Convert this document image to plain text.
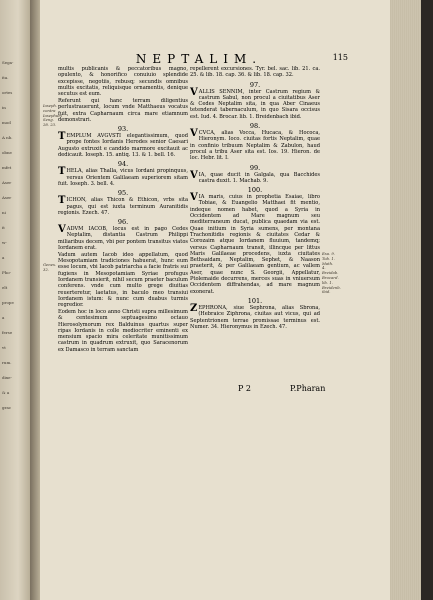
Sega-
ita.
ortes
in
mod
A nb.
obne
mfet
Aser
Aser
ni
it
w-
a
Pho-
elt
prope
a
ferse
vt
rum.
dixe-
& a
grac
NEPTALIM.	115

multis publicanis & peccatoribus magno, opulento, & honorifico conuiuio splendide excepisse, negotiis, rebusq; secundis omnibus multis excitatis, reliquisque ornamentis, denique secutus est eum.

Referunt qui hanc terram diligentius perlustrauerunt, locum vnde Matthaeus vocatus fuit, extra Capharnaum circa mare etiamnum demonstrari.

93.

TEMPLUM AVGVSTI elegantissimum, quod prope fontes Iordanis Herodes senior Caesari Augusto extruxit e candido marmore excitauit ac dedicauit. Ioseph. 15. antiq. 13. & 1. bell. 16.

94.

THELA, alias Thalla, vicus Iordani propinquus, versus Orientem Galilaeam superiorem sitam fuit. Ioseph. 3. bell. 4.

95.

TICHON, alias Thicon & Ethicon, vrbs sita pagus, qui est iuxta terminum Auranitidis regionis. Ezech. 47.

96.

VADVM IACOB, locus est in pago Cedes Neptalim, distantia Castrum Philippi miliaribus decem, vbi per pontem transitus viatos Iordanem erat.

Vadum autem Iacob ideo appellatum, quod Mesopotamiam tradiciones habuerat, hunc eum esse locum, vbi Iacob patriarcha a facie fratris sui fugiens in Mesopotamiam Syriae profugus Iordanem transierit, nihil secum praeter baculum conferens. vnde cum multo grege diuitias reuerteretur, laetatus, in baculo meo transiui Iordanem istum: & nunc cum duabus turmis regredior.

Eodem hoc in loco anno Christi supra millesimum & centesimum septuagesimo octauo Hierosolymorum rex Balduinus quartus super ripas Iordanis in colle mediocriter eminenti ex mensium spacio mira celeritate munitissimum castrum in quadrum extruxit, quo Saracenorum ex Damasco in terram sanctam

repellerent excursiones. Tyr. bel. sac. lib. 21. ca. 25. & lib. 18. cap. 36. & lib. 18. cap. 32.

97.

VALLIS SENNIM, inter Castrum regium & castrum Sabul, non procul a ciuitatibus Aser & Cedes Neptalim sita, in qua Aber Cinaeus tetenderat tabernaculum, in quo Sisara occisus est. Iud. 4. Brocar. lib. 1. Breidenbach ibid.

98.

VCVCA, alias Vocca, Hucaca, & Hococa, Hieronym. Ioco. ciuitas fortis Neptalim, quae in confinio tribuum Neptalim & Zabulon, haud procul a tribu Aser sita est. Ios. 19. Hieron. de loc. Hebr. lit. I.

99.

VIA, quae ducit in Galgala, qua Bacchides castra duxit. 1. Machab. 9.

100.

VIA maris, cuius in prophetia Esaiae, libro Tobiae, & Euangelio Matthaei fit mentio, indeque nomen habet, quod a Syria in Occidentem ad Mare magnum seu mediterraneum ducat, publica quaedam via est. Quae initium in Syria sumens, per montana Trachonitidis regionis & ciuitates Cedar & Corozaim atque Iordanem fluuium, tandemq; versus Capharnaum transit, illincque per littus Maris Galilaeae procedens, iuxta ciuitates Bethsaidam, Neptalim, Sephet, & Naason praeterit, & per Galilaeam gentium, ac vallem Aser, quae nunc S. Georgii, Appellatur, Ptolemaide decurrens, merces suas in vniuersum Occidentem diffrahendas, ad mare magnum exonerat.

101.

ZEPHRONA, siue Sephrona, alias Sbrona, (Hebraice Ziphrona, ciuitas aut vicus, qui ad Septentrionem terrae promissae terminus est. Numer. 34. Hieronymus in Ezech. 47.

Ioseph. contra Iosephum Seng. 28. 23.
Genes. 32.
Esa. 9. Tob. 1. Math. 4. Breidab. Brocard. lib. 1. Breidenb. ibid.
P 2	P.Pharan
